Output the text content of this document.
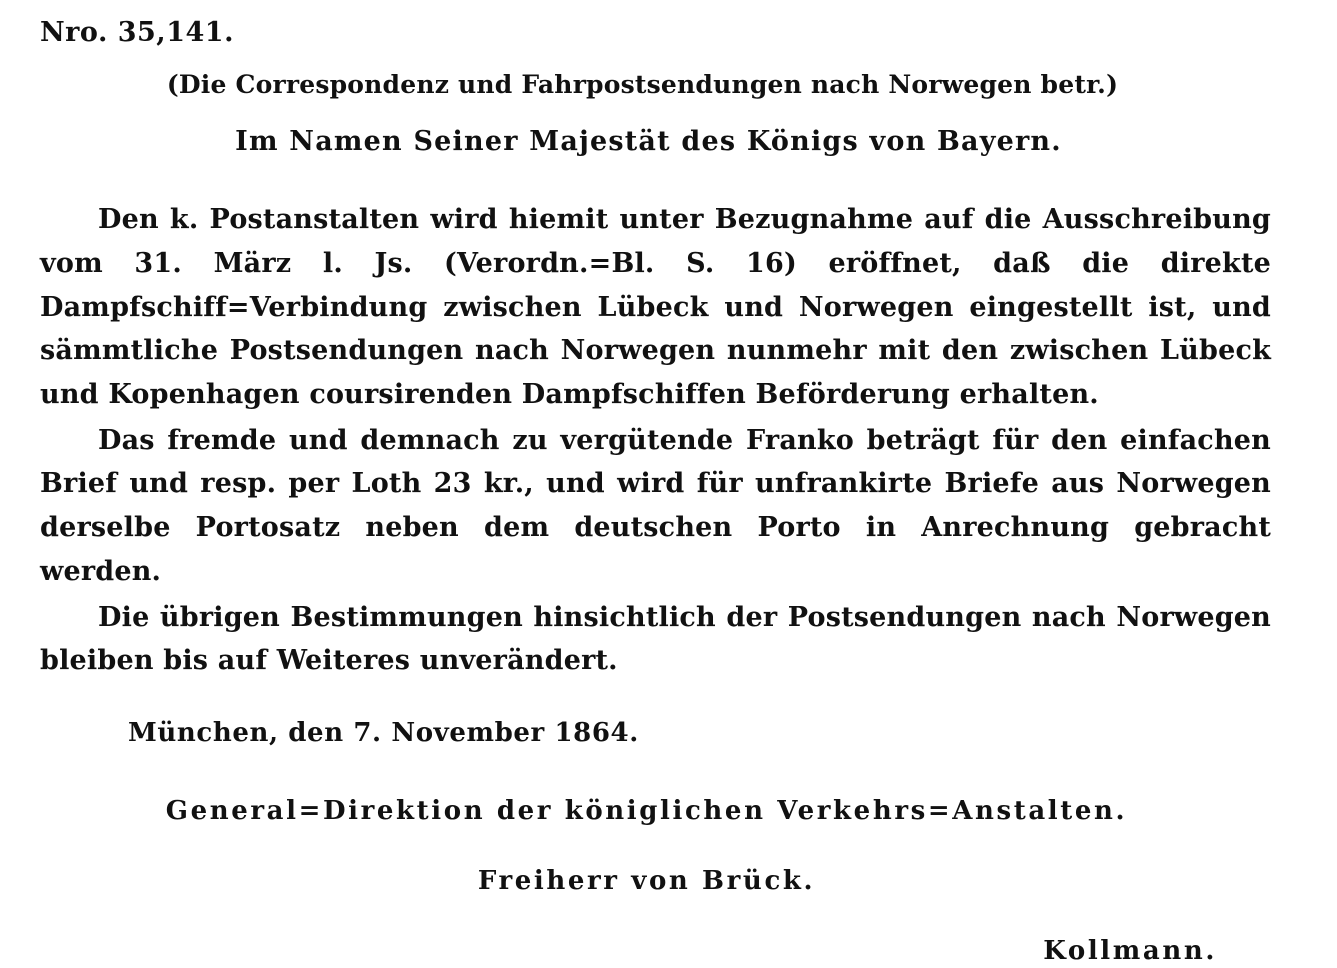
Nro. 35,141.
(Die Correspondenz und Fahrpostsendungen nach Norwegen betr.)
Im Namen Seiner Majestät des Königs von Bayern.

Den k. Postanstalten wird hiemit unter Bezugnahme auf die Ausschreibung vom 31. März l. Js. (Verordn.=Bl. S. 16) eröffnet, daß die direkte Dampfschiff=Verbindung zwischen Lübeck und Norwegen eingestellt ist, und sämmtliche Postsendungen nach Norwegen nunmehr mit den zwischen Lübeck und Kopenhagen coursirenden Dampfschiffen Beförderung erhalten.

Das fremde und demnach zu vergütende Franko beträgt für den einfachen Brief und resp. per Loth 23 kr., und wird für unfrankirte Briefe aus Norwegen derselbe Portosatz neben dem deutschen Porto in Anrechnung gebracht werden.

Die übrigen Bestimmungen hinsichtlich der Postsendungen nach Norwegen bleiben bis auf Weiteres unverändert.

München, den 7. November 1864.
General=Direktion der königlichen Verkehrs=Anstalten.
Freiherr von Brück.
Kollmann.
